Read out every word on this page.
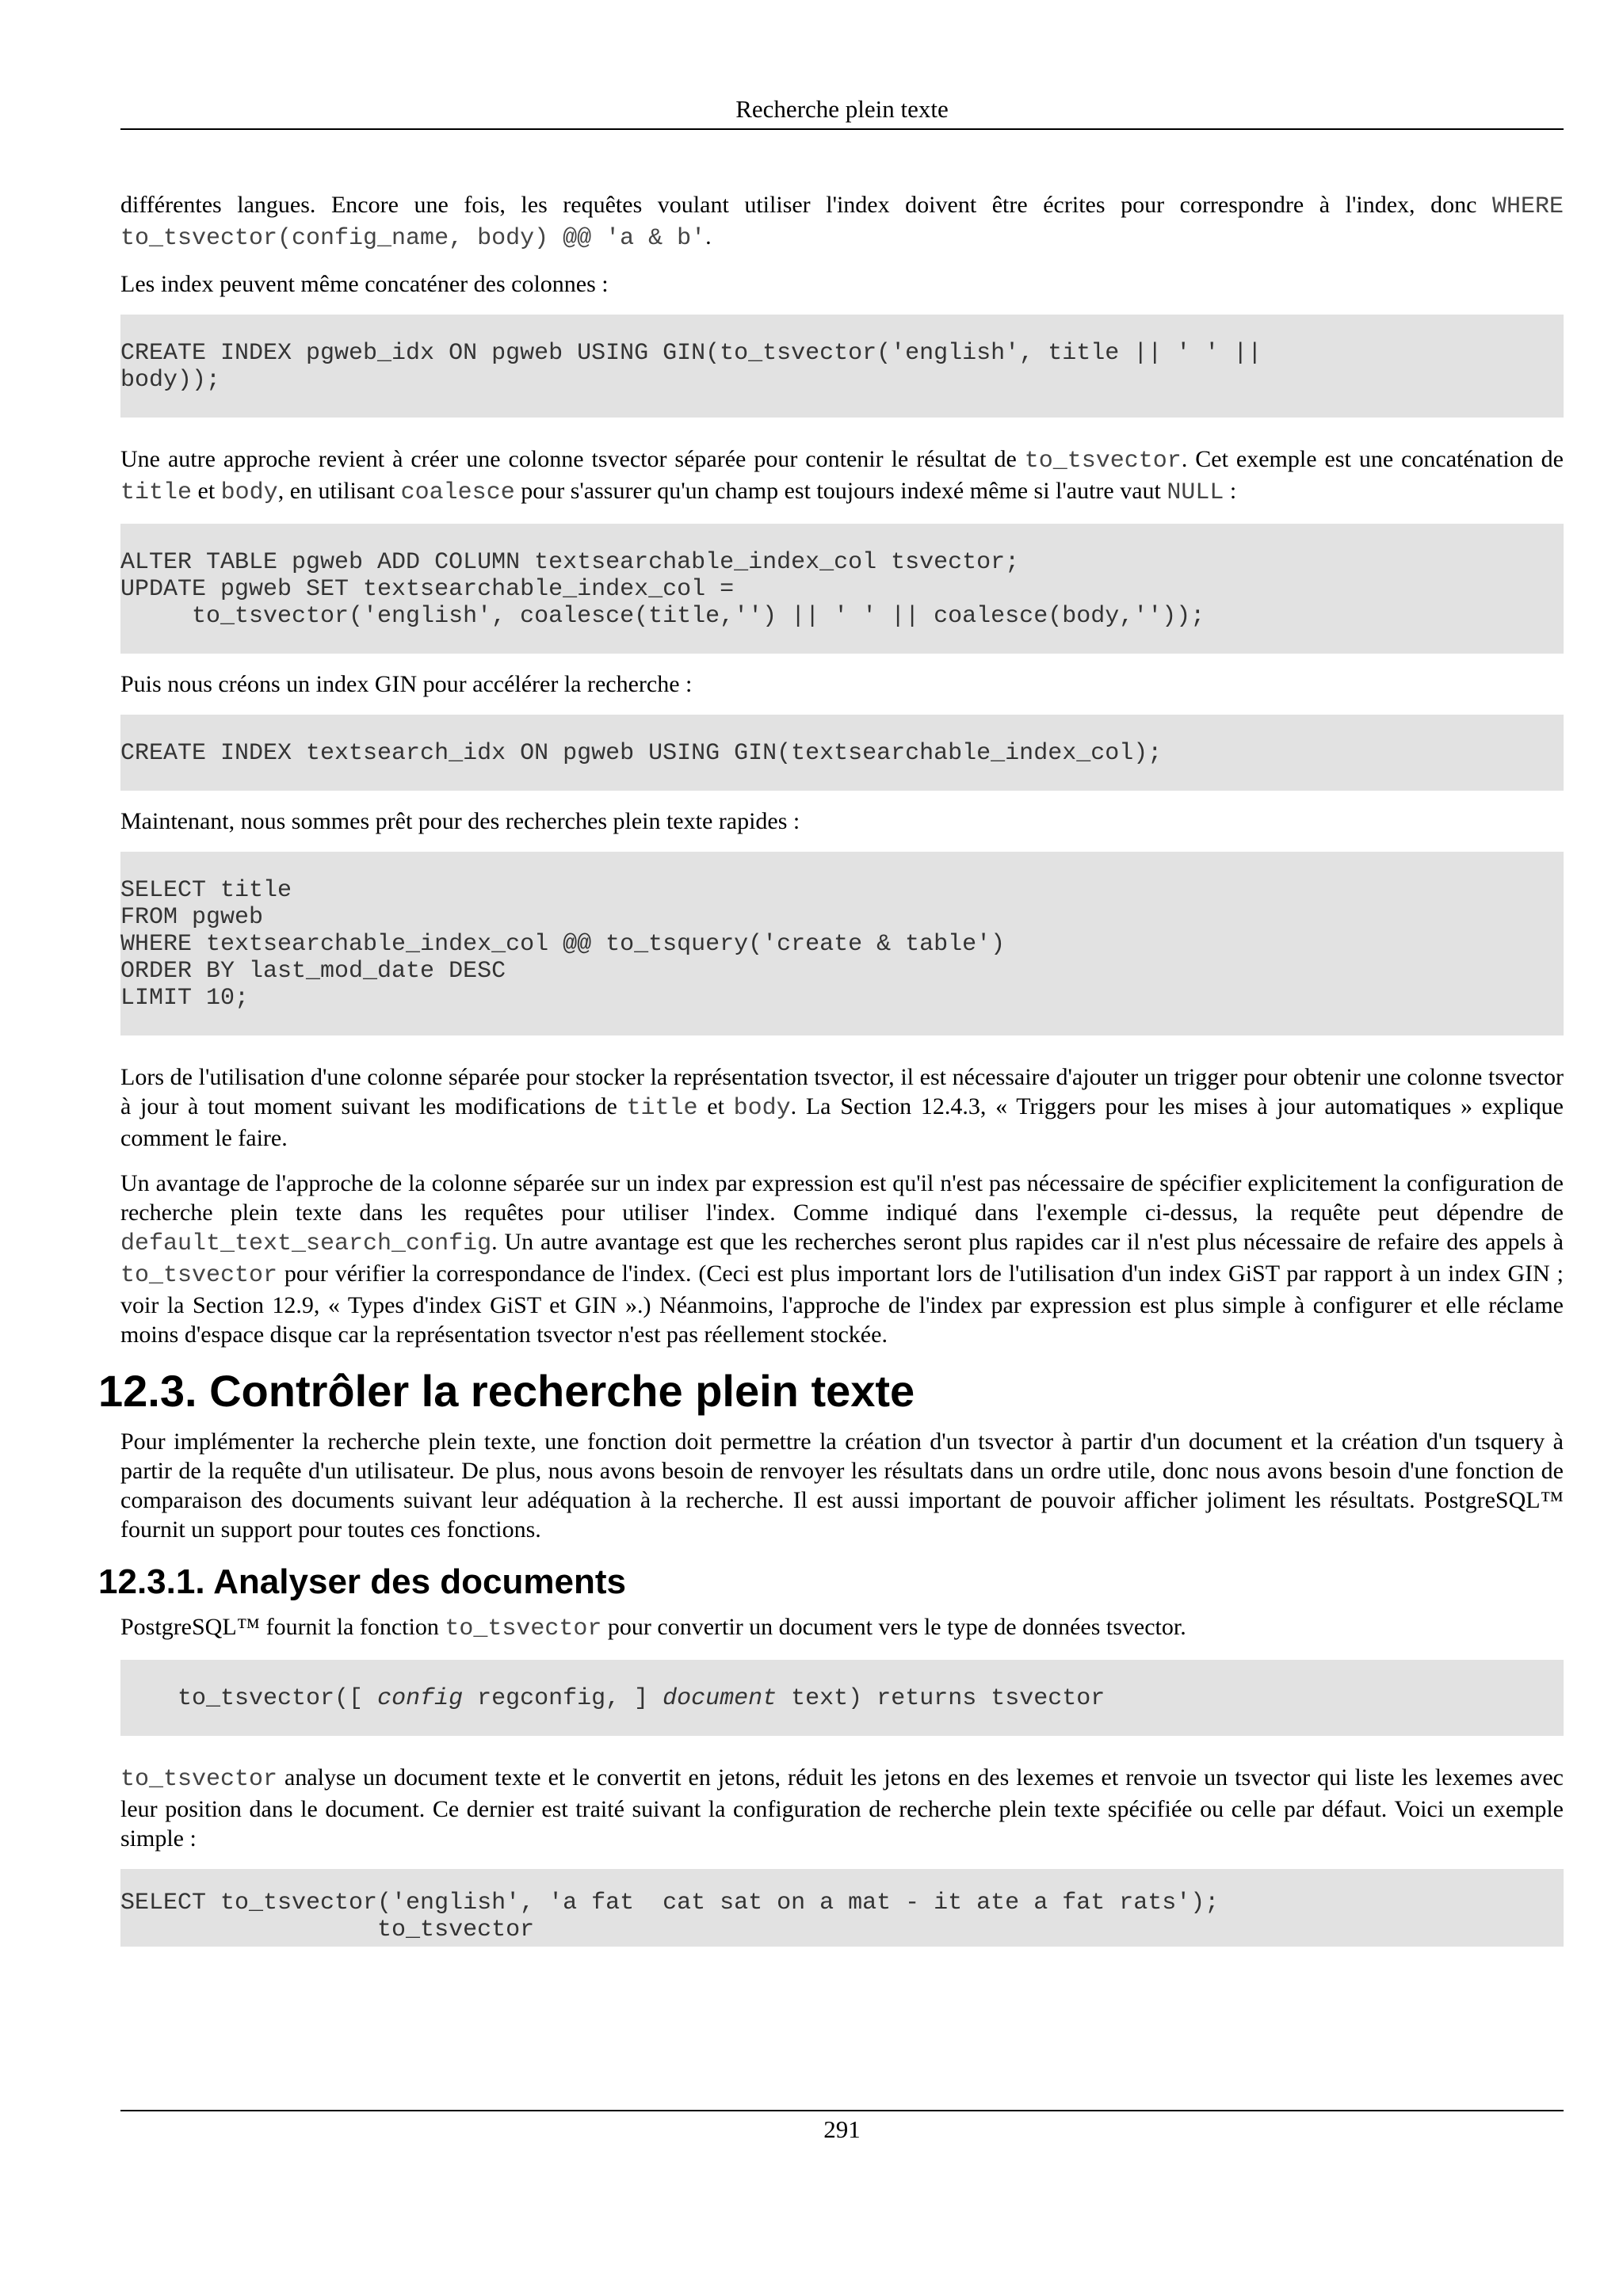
Recherche plein texte

différentes langues. Encore une fois, les requêtes voulant utiliser l'index doivent être écrites pour correspondre à l'index, donc WHERE to_tsvector(config_name, body) @@ 'a & b'.

Les index peuvent même concaténer des colonnes :

CREATE INDEX pgweb_idx ON pgweb USING GIN(to_tsvector('english', title || ' ' ||
body));

Une autre approche revient à créer une colonne tsvector séparée pour contenir le résultat de to_tsvector. Cet exemple est une concaténation de title et body, en utilisant coalesce pour s'assurer qu'un champ est toujours indexé même si l'autre vaut NULL :

ALTER TABLE pgweb ADD COLUMN textsearchable_index_col tsvector;
UPDATE pgweb SET textsearchable_index_col =
to_tsvector('english', coalesce(title,'') || ' ' || coalesce(body,''));

Puis nous créons un index GIN pour accélérer la recherche :

CREATE INDEX textsearch_idx ON pgweb USING GIN(textsearchable_index_col);

Maintenant, nous sommes prêt pour des recherches plein texte rapides :

SELECT title
FROM pgweb
WHERE textsearchable_index_col @@ to_tsquery('create & table')
ORDER BY last_mod_date DESC
LIMIT 10;

Lors de l'utilisation d'une colonne séparée pour stocker la représentation tsvector, il est nécessaire d'ajouter un trigger pour obtenir une colonne tsvector à jour à tout moment suivant les modifications de title et body. La Section 12.4.3, « Triggers pour les mises à jour automatiques » explique comment le faire.

Un avantage de l'approche de la colonne séparée sur un index par expression est qu'il n'est pas nécessaire de spécifier explicitement la configuration de recherche plein texte dans les requêtes pour utiliser l'index. Comme indiqué dans l'exemple ci-dessus, la requête peut dépendre de default_text_search_config. Un autre avantage est que les recherches seront plus rapides car il n'est plus nécessaire de refaire des appels à to_tsvector pour vérifier la correspondance de l'index. (Ceci est plus important lors de l'utilisation d'un index GiST par rapport à un index GIN ; voir la Section 12.9, « Types d'index GiST et GIN ».) Néanmoins, l'approche de l'index par expression est plus simple à configurer et elle réclame moins d'espace disque car la représentation tsvector n'est pas réellement stockée.

12.3. Contrôler la recherche plein texte

Pour implémenter la recherche plein texte, une fonction doit permettre la création d'un tsvector à partir d'un document et la création d'un tsquery à partir de la requête d'un utilisateur. De plus, nous avons besoin de renvoyer les résultats dans un ordre utile, donc nous avons besoin d'une fonction de comparaison des documents suivant leur adéquation à la recherche. Il est aussi important de pouvoir afficher joliment les résultats. PostgreSQL™ fournit un support pour toutes ces fonctions.

12.3.1. Analyser des documents

PostgreSQL™ fournit la fonction to_tsvector pour convertir un document vers le type de données tsvector.

to_tsvector([ config regconfig, ] document text) returns tsvector

to_tsvector analyse un document texte et le convertit en jetons, réduit les jetons en des lexemes et renvoie un tsvector qui liste les lexemes avec leur position dans le document. Ce dernier est traité suivant la configuration de recherche plein texte spécifiée ou celle par défaut. Voici un exemple simple :

SELECT to_tsvector('english', 'a fat  cat sat on a mat - it ate a fat rats');
to_tsvector
291
